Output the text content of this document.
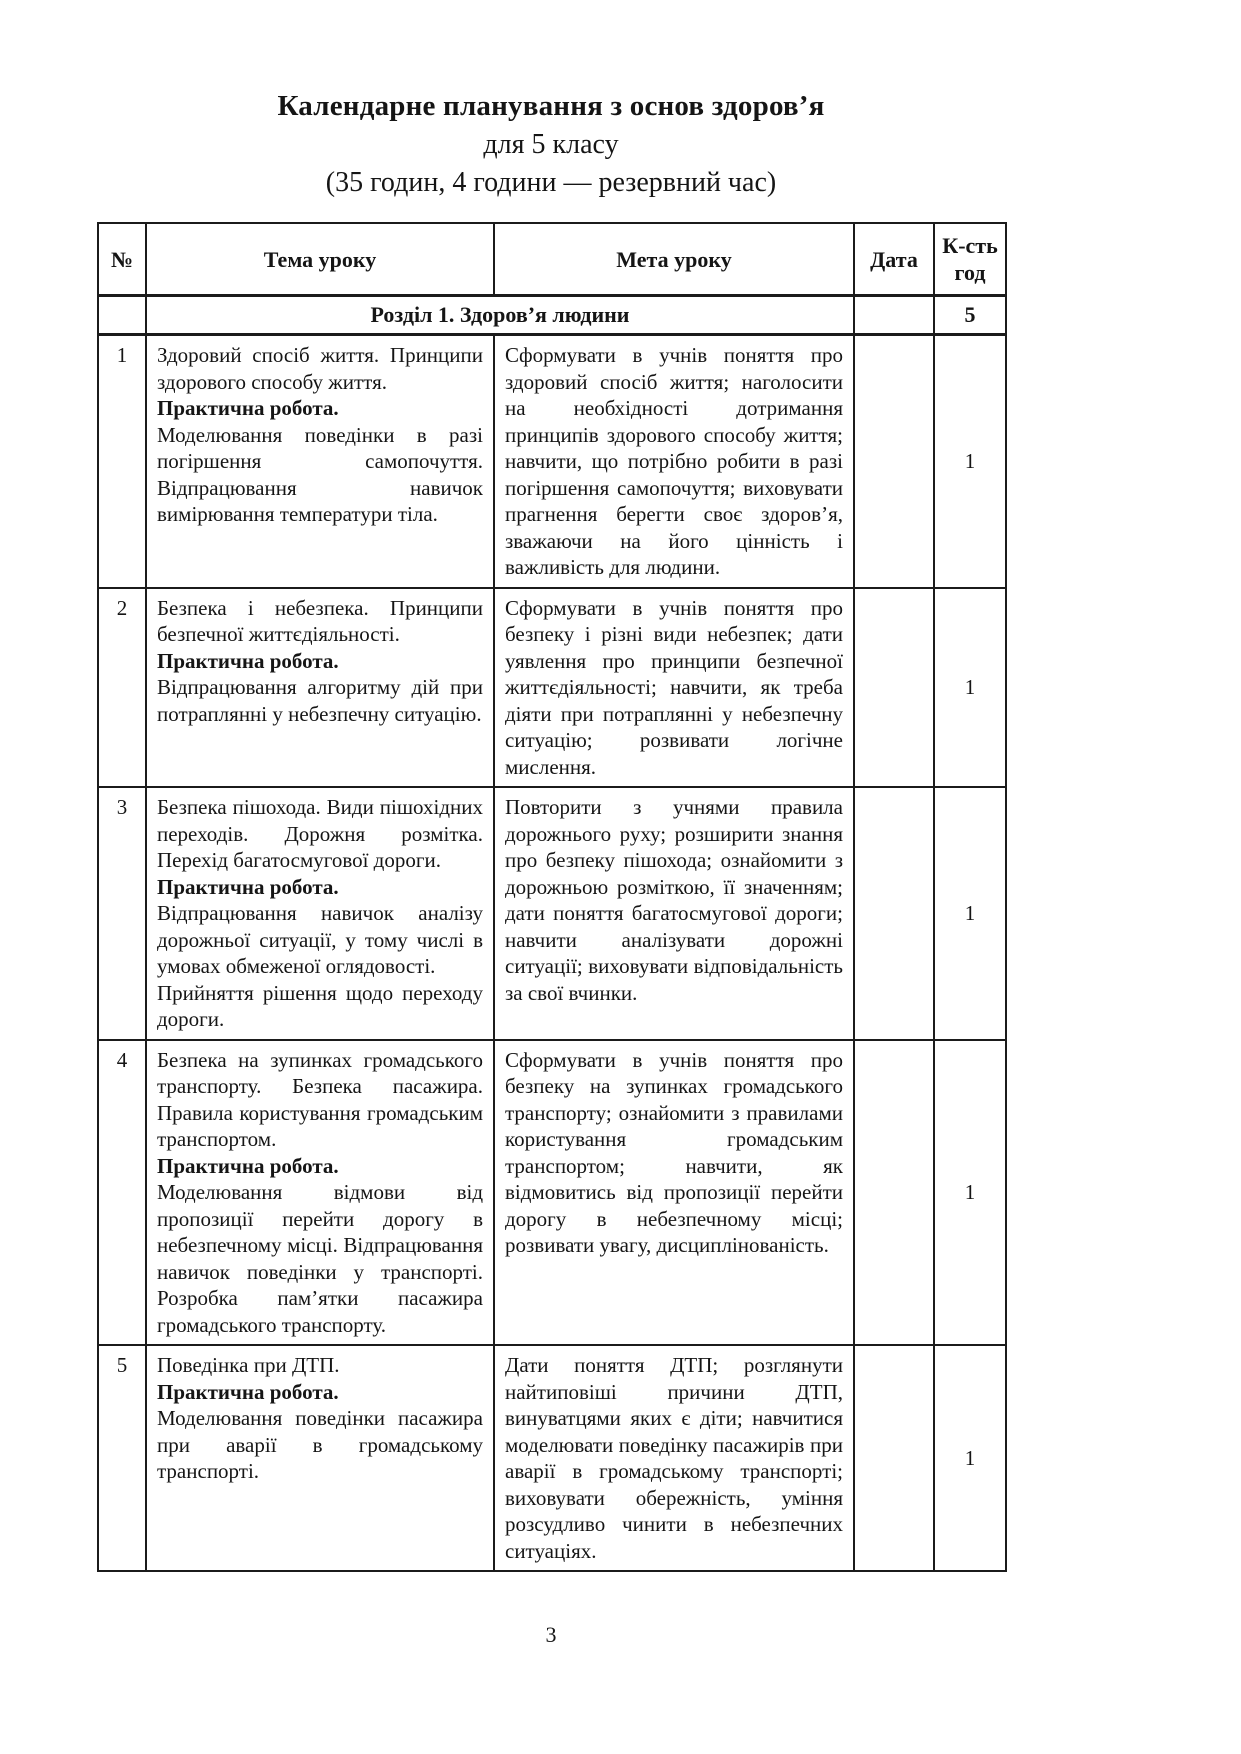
Календарне планування з основ здоров’я
для 5 класу
(35 годин, 4 години — резервний час)
№	Тема уроку	Мета уроку	Дата	К-сть
год

	Розділ 1. Здоров’я людини			5
1	Здоровий спосіб життя. Принципи здорового способу життя.
Практична робота.
Моделювання поведінки в разі погіршення самопочуття. Відпрацювання навичок вимірювання температури тіла.
	Сформувати в учнів поняття про здоровий спосіб життя; наголосити на необхідності дотримання принципів здорового способу життя; навчити, що потрібно робити в разі погіршення самопочуття; виховувати прагнення берегти своє здоров’я, зважаючи на його цінність і важливість для людини.		1
2	Безпека і небезпека. Принципи безпечної життєдіяльності.
Практична робота.
Відпрацювання алгоритму дій при потраплянні у небезпечну ситуацію.
	Сформувати в учнів поняття про безпеку і різні види небезпек; дати уявлення про принципи безпечної життєдіяльності; навчити, як треба діяти при потраплянні у небезпечну ситуацію; розвивати логічне мислення.		1
3	Безпека пішохода. Види пішохідних переходів. Дорожня розмітка. Перехід багатосмугової дороги.
Практична робота.
Відпрацювання навичок аналізу дорожньої ситуації, у тому числі в умовах обмеженої оглядовості.
Прийняття рішення щодо переходу дороги.
	Повторити з учнями правила дорожнього руху; розширити знання про безпеку пішохода; ознайомити з дорожньою розміткою, її значенням; дати поняття багатосмугової дороги; навчити аналізувати дорожні ситуації; виховувати відповідальність за свої вчинки.		1
4	Безпека на зупинках громадського транспорту. Безпека пасажира. Правила користування громадським транспортом.
Практична робота.
Моделювання відмови від пропозиції перейти дорогу в небезпечному місці. Відпрацювання навичок поведінки у транспорті. Розробка пам’ятки пасажира громадського транспорту.
	Сформувати в учнів поняття про безпеку на зупинках громадського транспорту; ознайомити з правилами користування громадським транспортом; навчити, як відмовитись від пропозиції перейти дорогу в небезпечному місці; розвивати увагу, дисциплінованість.		1
5	Поведінка при ДТП.
Практична робота.
Моделювання поведінки пасажира при аварії в громадському транспорті.
	Дати поняття ДТП; розглянути найтиповіші причини ДТП, винуватцями яких є діти; навчитися моделювати поведінку пасажирів при аварії в громадському транспорті; виховувати обережність, уміння розсудливо чинити в небезпечних ситуаціях.		1
3
